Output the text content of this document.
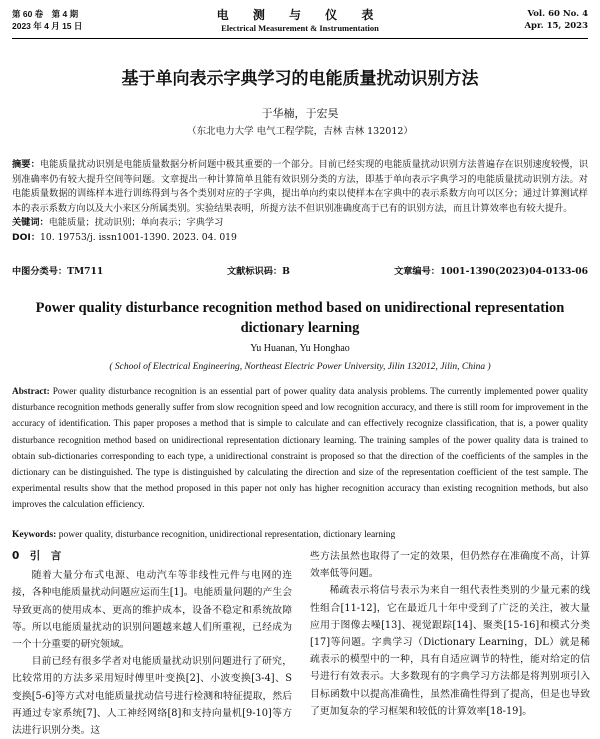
第 60 卷　第 4 期
2023 年 4 月 15 日
电 测 与 仪 表
Electrical Measurement & Instrumentation
Vol. 60 No. 4
Apr. 15, 2023
基于单向表示字典学习的电能质量扰动识别方法
于华楠，于宏昊
（东北电力大学 电气工程学院，吉林 吉林 132012）
摘要：电能质量扰动识别是电能质量数据分析问题中极其重要的一个部分。目前已经实现的电能质量扰动识别方法普遍存在识别速度较慢，识别准确率仍有较大提升空间等问题。文章提出一种计算简单且能有效识别分类的方法，即基于单向表示字典学习的电能质量扰动识别方法。对电能质量数据的训练样本进行训练得到与各个类别对应的子字典，提出单向约束以使样本在字典中的表示系数方向可以区分；通过计算测试样本的表示系数方向以及大小来区分所属类别。实验结果表明，所提方法不但识别准确度高于已有的识别方法，而且计算效率也有较大提升。
关键词：电能质量；扰动识别；单向表示；字典学习
DOI：10. 19753/j. issn1001-1390. 2023. 04. 019
中图分类号：TM711	文献标识码：B	文章编号：1001-1390(2023)04-0133-06
Power quality disturbance recognition method based on unidirectional representation dictionary learning
Yu Huanan, Yu Honghao
( School of Electrical Engineering, Northeast Electric Power University, Jilin 132012, Jilin, China )
Abstract: Power quality disturbance recognition is an essential part of power quality data analysis problems. The currently implemented power quality disturbance recognition methods generally suffer from slow recognition speed and low recognition accuracy, and there is still room for improvement in the accuracy of identification. This paper proposes a method that is simple to calculate and can effectively recognize classification, that is, a power quality disturbance recognition method based on unidirectional representation dictionary learning. The training samples of the power quality data is trained to obtain sub-dictionaries corresponding to each type, a unidirectional constraint is proposed so that the direction of the coefficients of the samples in the dictionary can be distinguished. The type is distinguished by calculating the direction and size of the representation coefficient of the test sample. The experimental results show that the method proposed in this paper not only has higher recognition accuracy than existing recognition methods, but also improves the calculation efficiency.
Keywords: power quality, disturbance recognition, unidirectional representation, dictionary learning
0　引　言

随着大量分布式电源、电动汽车等非线性元件与电网的连接，各种电能质量扰动问题应运而生[1]。电能质量问题的产生会导致更高的使用成本、更高的维护成本，设备不稳定和系统故障等。所以电能质量扰动的识别问题越来越人们所重视，已经成为一个十分重要的研究领域。

目前已经有很多学者对电能质量扰动识别问题进行了研究，比较常用的方法多采用短时傅里叶变换[2]、小波变换[3-4]、S 变换[5-6]等方式对电能质量扰动信号进行检测和特征提取，然后再通过专家系统[7]、人工神经网络[8]和支持向量机[9-10]等方法进行识别分类。这

些方法虽然也取得了一定的效果，但仍然存在准确度不高，计算效率低等问题。

稀疏表示将信号表示为来自一组代表性类别的少量元素的线性组合[11-12]，它在最近几十年中受到了广泛的关注，被大量应用于图像去噪[13]、视觉跟踪[14]、聚类[15-16]和模式分类[17]等问题。字典学习（Dictionary Learning，DL）就是稀疏表示的模型中的一种，具有自适应调节的特性，能对给定的信号进行有效表示。大多数现有的字典学习方法都是将判别项引入目标函数中以提高准确性，虽然准确性得到了提高，但是也导致了更加复杂的学习框架和较低的计算效率[18-19]。
